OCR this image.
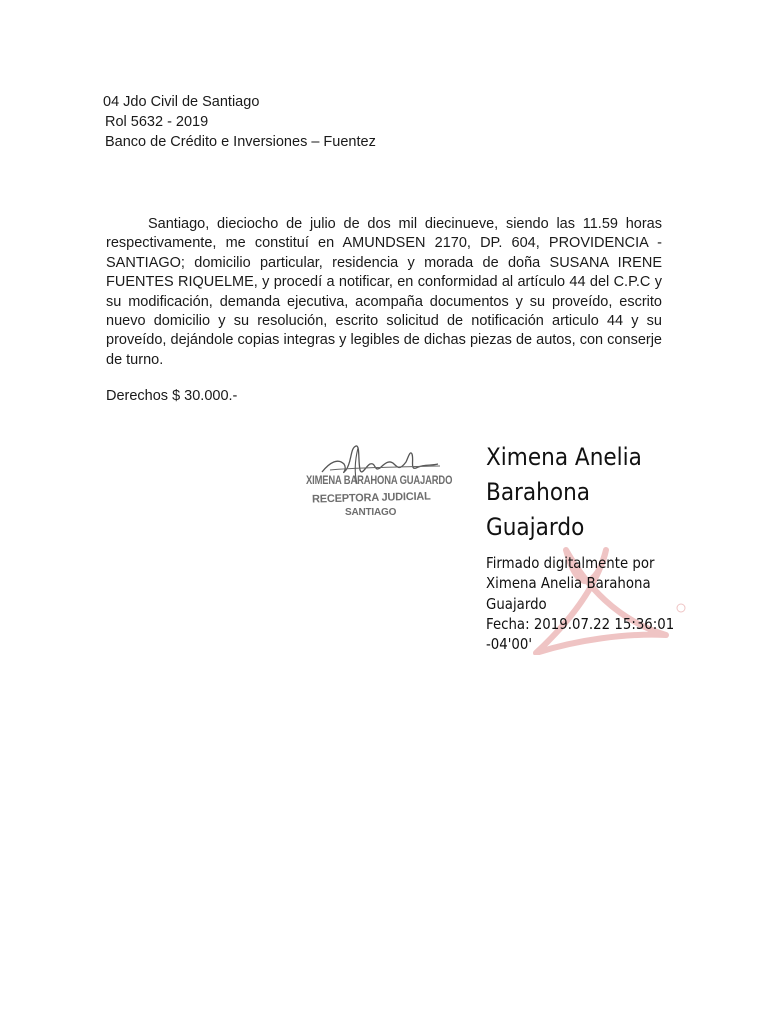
04 Jdo Civil de Santiago
Rol 5632 - 2019
Banco de Crédito e Inversiones – Fuentez

Santiago, dieciocho de julio de dos mil diecinueve, siendo las 11.59 horas respectivamente, me constituí en AMUNDSEN 2170, DP. 604, PROVIDENCIA - SANTIAGO; domicilio particular, residencia y morada de doña SUSANA IRENE FUENTES RIQUELME, y procedí a notificar, en conformidad al artículo 44 del C.P.C y su modificación, demanda ejecutiva, acompaña documentos y su proveído, escrito nuevo domicilio y su resolución, escrito solicitud de notificación articulo 44 y su proveído, dejándole copias integras y legibles de dichas piezas de autos, con conserje de turno.

Derechos $ 30.000.-
XIMENA BARAHONA GUAJARDO
RECEPTORA JUDICIAL
SANTIAGO
Ximena Anelia
Barahona
Guajardo
Firmado digitalmente por
Ximena Anelia Barahona
Guajardo
Fecha: 2019.07.22 15:36:01
-04'00'
